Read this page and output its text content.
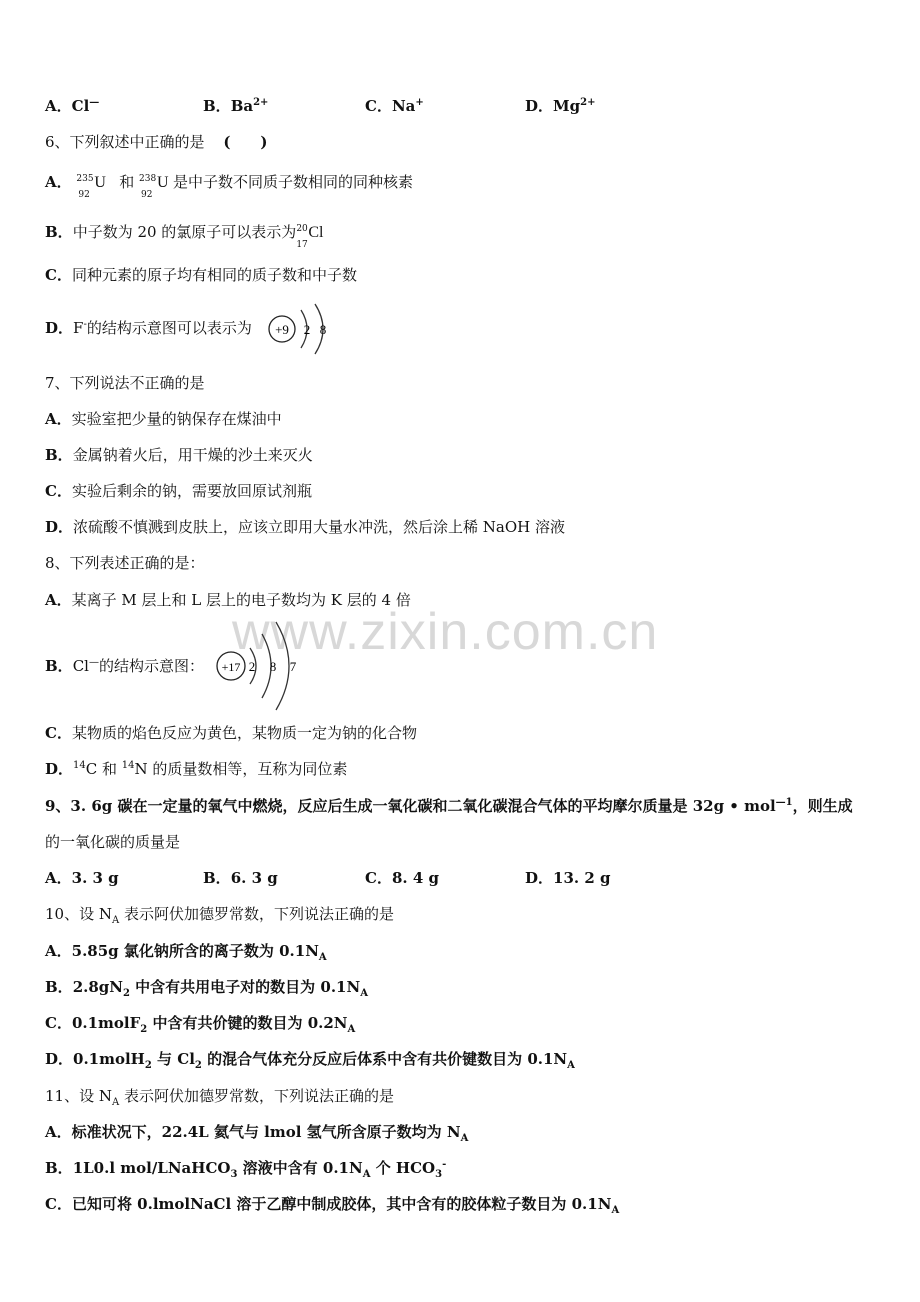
www.zixin.com.cn
A．Cl—	B．$Ba^{2+}$	C．Na+	D．$Mg^{2+}$
6、下列叙述中正确的是 (　　)
A． 235
92
U 和 238
92
U 是中子数不同质子数相同的同种核素
B．中子数为 20 的氯原子可以表示为 20
17
Cl
C．同种元素的原子均有相同的质子数和中子数
D．F-的结构示意图可以表示为 +9 2 8
7、下列说法不正确的是
A．实验室把少量的钠保存在煤油中
B．金属钠着火后，用干燥的沙土来灭火
C．实验后剩余的钠，需要放回原试剂瓶
D．浓硫酸不慎溅到皮肤上，应该立即用大量水冲洗，然后涂上稀 NaOH 溶液
8、下列表述正确的是：
A．某离子 M 层上和 L 层上的电子数均为 K 层的 4 倍
B．Cl—的结构示意图： +17 2 8 7
C．某物质的焰色反应为黄色，某物质一定为钠的化合物
D．$^{14}$C 和 $^{14}$N 的质量数相等，互称为同位素
9、3. 6g 碳在一定量的氧气中燃烧，反应后生成一氧化碳和二氧化碳混合气体的平均摩尔质量是 32g • mol$^{—1}$，则生成
的一氧化碳的质量是
A．3. 3 g	B．6. 3 g	C．8. 4 g	D．13. 2 g
10、设 $N_A$ 表示阿伏加德罗常数，下列说法正确的是
A．5.85g 氯化钠所含的离子数为 $0.1N_A$
B．$2.8gN_2$ 中含有共用电子对的数目为 $0.1N_A$
C．0.1molF$_2$ 中含有共价键的数目为 $0.2N_A$
D．0.1molH$_2$ 与 $Cl_2$ 的混合气体充分反应后体系中含有共价键数目为 $0.1N_A$
11、设 $N_A$ 表示阿伏加德罗常数，下列说法正确的是
A．标准状况下，22.4L 氦气与 lmol 氢气所含原子数均为 $N_A$
B．1L0.l mol/LNaHCO$_3$ 溶液中含有 $0.1N_A$ 个 $HCO_3^-$
C．已知可将 0.lmolNaCl 溶于乙醇中制成胶体，其中含有的胶体粒子数目为 $0.1N_A$
